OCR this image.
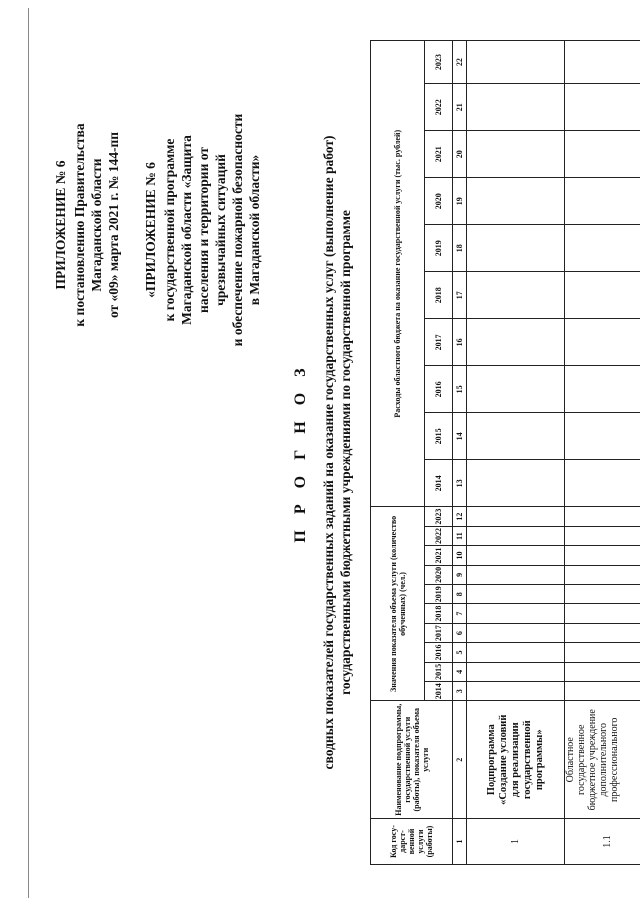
ПРИЛОЖЕНИЕ № 6 к постановлению Правительства Магаданской области от «09» марта 2021 г. № 144-пп «ПРИЛОЖЕНИЕ № 6 к государственной программе Магаданской области «Защита населения и территории от чрезвычайных ситуаций и обеспечение пожарной безопасности в Магаданской области»
П Р О Г Н О З сводных показателей государственных заданий на оказание государственных услуг (выполнение работ) государственными бюджетными учреждениями по государственной программе
Код госу-дарст-венной услуги (работы)	Наименование подпрограммы, государственной услуги (работы), показателя объема услуги	Значения показателя объема услуги (количество обученных) (чел.)										Расходы областного бюджета на оказание государственной услуги (тыс. рублей)									
		2014	2015	2016	2017	2018	2019	2020	2021	2022	2023	2014	2015	2016	2017	2018	2019	2020	2021	2022	2023
1	2	3	4	5	6	7	8	9	10	11	12	13	14	15	16	17	18	19	20	21	22
1	Подпрограмма «Создание условий для реализации государственной программы»																				
1.1	Областное государственное бюджетное учреждение дополнительного профессионального																				
